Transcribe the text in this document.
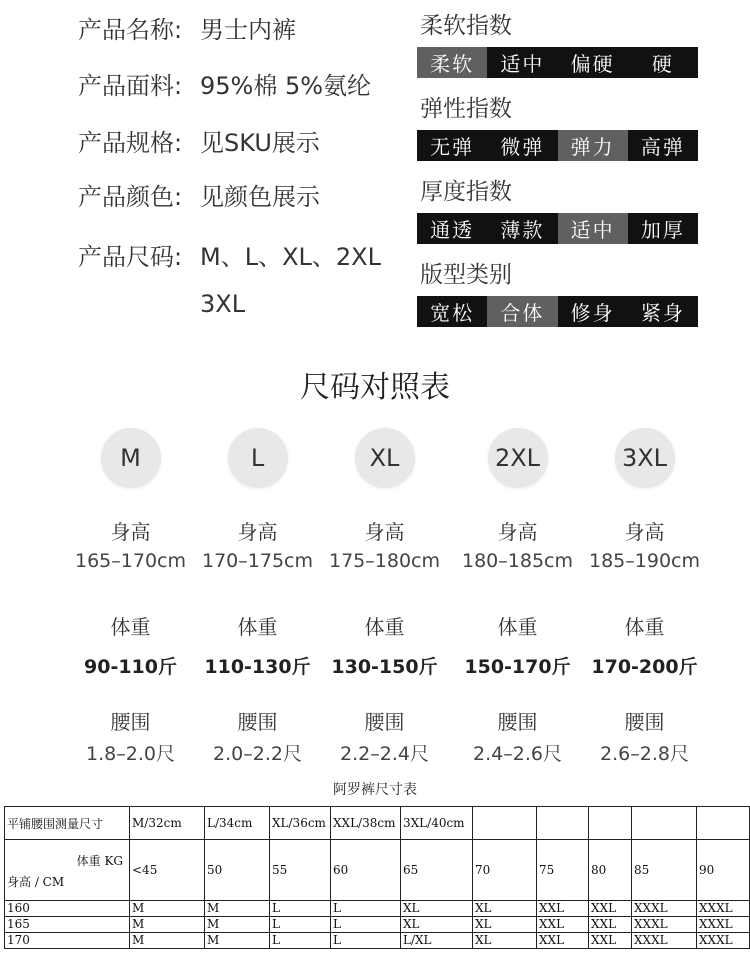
产品名称: 男士内裤
产品面料: 95%棉 5%氨纶
产品规格: 见SKU展示
产品颜色: 见颜色展示
产品尺码: M、L、XL、2XL
3XL
柔软指数
柔软	适中	偏硬	硬
弹性指数
无弹	微弹	弹力	高弹
厚度指数
通透	薄款	适中	加厚
版型类别
宽松	合体	修身	紧身
尺码对照表
M
身高
165–170cm
体重
90-110斤
腰围
1.8–2.0尺
L
身高
170–175cm
体重
110-130斤
腰围
2.0–2.2尺
XL
身高
175–180cm
体重
130-150斤
腰围
2.2–2.4尺
2XL
身高
180–185cm
体重
150-170斤
腰围
2.4–2.6尺
3XL
身高
185–190cm
体重
170-200斤
腰围
2.6–2.8尺
阿罗裤尺寸表
平铺腰围测量尺寸	M/32cm	L/34cm	XL/36cm	XXL/38cm	3XL/40cm					

体重 KG
身高 / CM	<45	50	55	60	65	70	75	80	85	90
160	M	M	L	L	XL	XL	XXL	XXL	XXXL	XXXL
165	M	M	L	L	XL	XL	XXL	XXL	XXXL	XXXL
170	M	M	L	L	L/XL	XL	XXL	XXL	XXXL	XXXL
